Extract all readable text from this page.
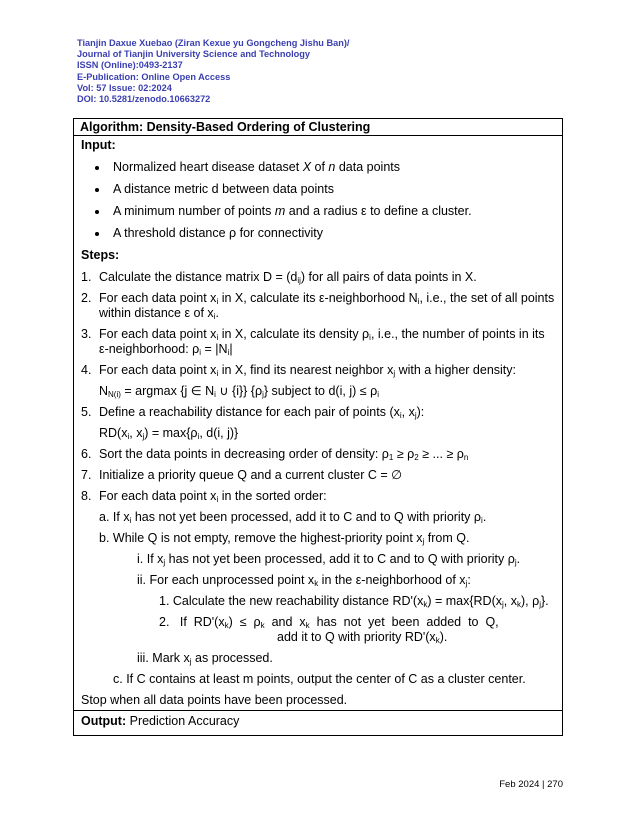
Tianjin Daxue Xuebao (Ziran Kexue yu Gongcheng Jishu Ban)/
Journal of Tianjin University Science and Technology
ISSN (Online):0493-2137
E-Publication: Online Open Access
Vol: 57 Issue: 02:2024
DOI: 10.5281/zenodo.10663272
Algorithm: Density-Based Ordering of Clustering
Input:
Normalized heart disease dataset X of n data points
A distance metric d between data points
A minimum number of points m and a radius ε to define a cluster.
A threshold distance ρ for connectivity
Steps:
1. Calculate the distance matrix $D = (d_{ij})$ for all pairs of data points in X.
2. For each data point $x_i$ in X, calculate its ε-neighborhood $N_i$, i.e., the set of all points within distance ε of $x_i$.
3. For each data point $x_i$ in X, calculate its density $\rho_i$, i.e., the number of points in its ε-neighborhood: $\rho_i = |N_i|$
4. For each data point $x_i$ in X, find its nearest neighbor $x_j$ with a higher density:
$N_{N(i)} = argmax$ {j ∈ $N_i$ ∪ {i}} $\{\rho_j\}$ subject to d(i, $j) \le \rho_i$
5. Define a reachability distance for each pair of points ($x_i$, $x_j$):
$RD(x_i$, $x_j) = \max\{\rho_i$, d(i, j)}
6. Sort the data points in decreasing order of density: $\rho_1 \ge \rho_2$ ≥ ... ≥ $\rho_n$
7. Initialize a priority queue Q and a current cluster C = ∅
8. For each data point $x_i$ in the sorted order:
a. If $x_i$ has not yet been processed, add it to C and to Q with priority $\rho_i$.
b. While Q is not empty, remove the highest-priority point $x_j$ from Q.
i. If $x_j$ has not yet been processed, add it to C and to Q with priority $\rho_j$.
ii. For each unprocessed point $x_k$ in the ε-neighborhood of $x_j$:
1. Calculate the new reachability distance $RD'(x_k) = \max\{RD(x_j$, $x_k$), $\rho_j$}.
2.   If  $RD'(x_k) \le \rho_k$  and  $x_k$  has  not  yet  been  added  to  Q,
add it to Q with priority $RD'(x_k)$.
iii. Mark $x_j$ as processed.
c. If C contains at least m points, output the center of C as a cluster center.
Stop when all data points have been processed.
Output: Prediction Accuracy
Feb 2024 | 270
